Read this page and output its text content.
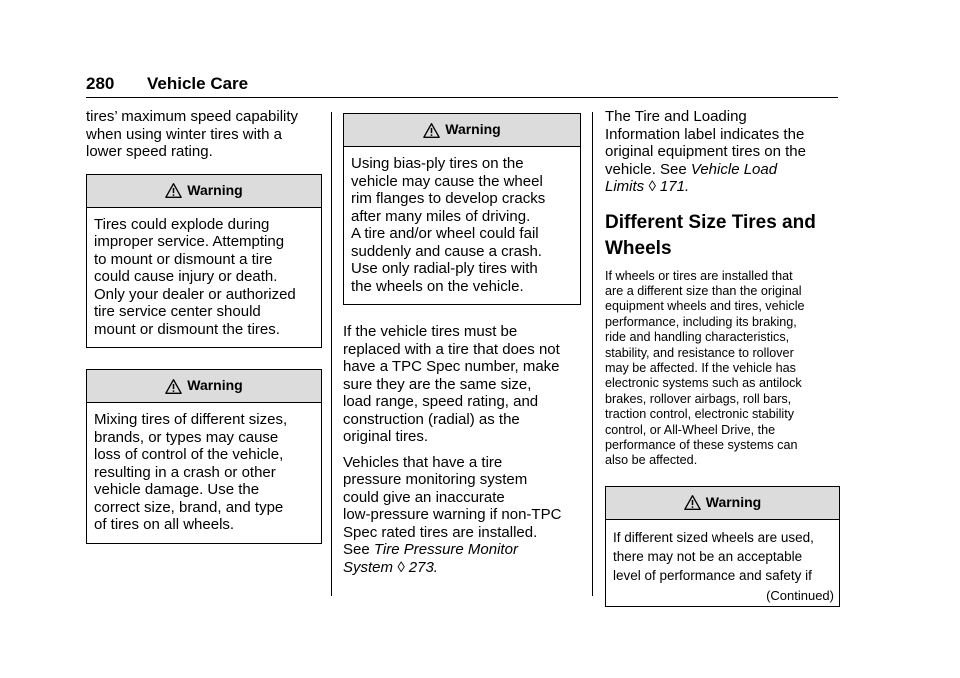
280 Vehicle Care

tires’ maximum speed capability
when using winter tires with a
lower speed rating.

Warning
Tires could explode during
improper service. Attempting
to mount or dismount a tire
could cause injury or death.
Only your dealer or authorized
tire service center should
mount or dismount the tires.
Warning
Mixing tires of different sizes,
brands, or types may cause
loss of control of the vehicle,
resulting in a crash or other
vehicle damage. Use the
correct size, brand, and type
of tires on all wheels.
Warning
Using bias-ply tires on the
vehicle may cause the wheel
rim flanges to develop cracks
after many miles of driving.
A tire and/or wheel could fail
suddenly and cause a crash.
Use only radial-ply tires with
the wheels on the vehicle.

If the vehicle tires must be
replaced with a tire that does not
have a TPC Spec number, make
sure they are the same size,
load range, speed rating, and
construction (radial) as the
original tires.

Vehicles that have a tire
pressure monitoring system
could give an inaccurate
low-pressure warning if non-TPC
Spec rated tires are installed.
See Tire Pressure Monitor
System ◊ 273.

The Tire and Loading
Information label indicates the
original equipment tires on the
vehicle. See Vehicle Load
Limits ◊ 171.

Different Size Tires and
Wheels

If wheels or tires are installed that
are a different size than the original
equipment wheels and tires, vehicle
performance, including its braking,
ride and handling characteristics,
stability, and resistance to rollover
may be affected. If the vehicle has
electronic systems such as antilock
brakes, rollover airbags, roll bars,
traction control, electronic stability
control, or All-Wheel Drive, the
performance of these systems can
also be affected.

Warning
If different sized wheels are used,
there may not be an acceptable
level of performance and safety if
(Continued)
